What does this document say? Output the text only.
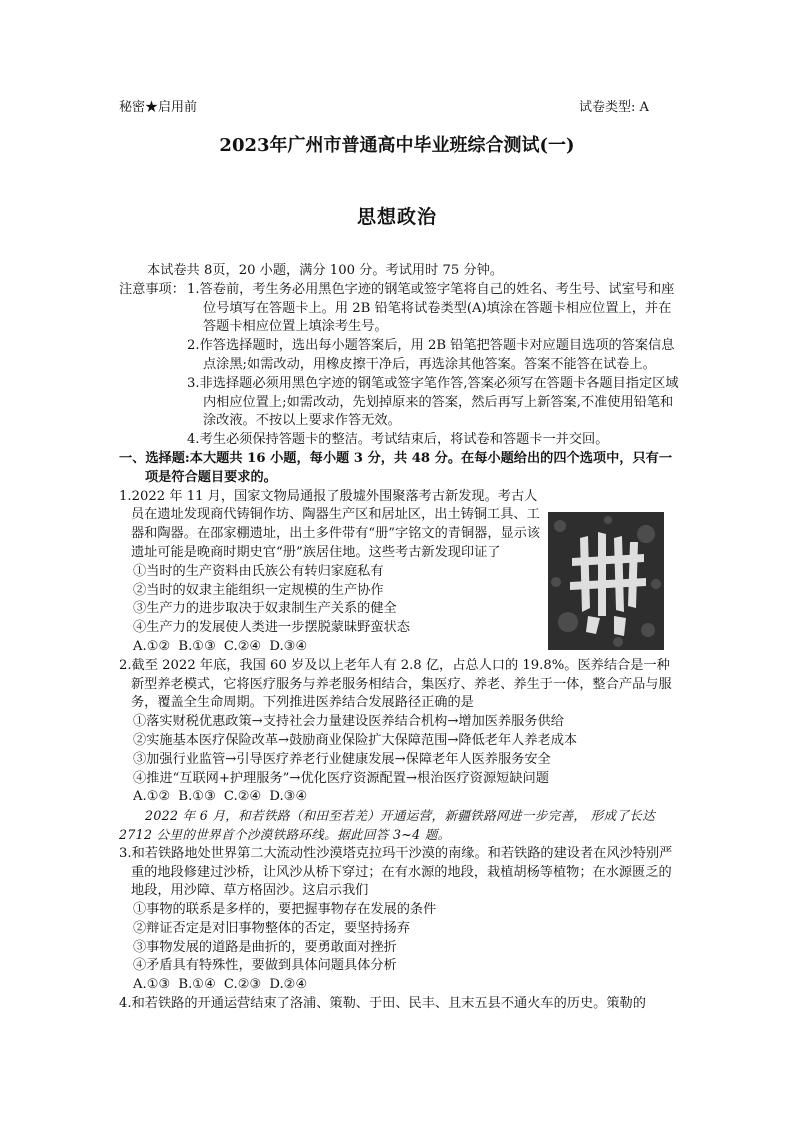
秘密★启用前	试卷类型: A
2023年广州市普通高中毕业班综合测试(一)
思想政治

本试卷共 8页，20 小题，满分 100 分。考试用时 75 分钟。

注意事项： 1.答卷前，考生务必用黑色字迹的钢笔或签字笔将自己的姓名、考生号、试室号和座位号填写在答题卡上。用 2B 铅笔将试卷类型(A)填涂在答题卡相应位置上，并在答题卡相应位置上填涂考生号。

2.作答选择题时，选出每小题答案后，用 2B 铅笔把答题卡对应题目选项的答案信息点涂黑;如需改动，用橡皮擦干净后，再选涂其他答案。答案不能答在试卷上。

3.非选择题必须用黑色字迹的钢笔或签字笔作答,答案必须写在答题卡各题目指定区域内相应位置上;如需改动，先划掉原来的答案，然后再写上新答案,不准使用铅笔和涂改液。不按以上要求作答无效。

4.考生必须保持答题卡的整洁。考试结束后，将试卷和答题卡一并交回。

一、选择题:本大题共 16 小题，每小题 3 分，共 48 分。在每小题给出的四个选项中，只有一项是符合题目要求的。

1.2022 年 11 月，国家文物局通报了殷墟外围聚落考古新发现。考古人员在遗址发现商代铸铜作坊、陶器生产区和居址区，出土铸铜工具、工器和陶器。在邵家棚遗址，出土多件带有“册”字铭文的青铜器，显示该遗址可能是晚商时期史官“册”族居住地。这些考古新发现印证了

①当时的生产资料由氏族公有转归家庭私有

②当时的奴隶主能组织一定规模的生产协作

③生产力的进步取决于奴隶制生产关系的健全

④生产力的发展使人类进一步摆脱蒙昧野蛮状态

A.①② B.①③ C.②④ D.③④

2.截至 2022 年底，我国 60 岁及以上老年人有 2.8 亿，占总人口的 19.8%。医养结合是一种新型养老模式，它将医疗服务与养老服务相结合，集医疗、养老、养生于一体，整合产品与服务，覆盖全生命周期。下列推进医养结合发展路径正确的是

①落实财税优惠政策→支持社会力量建设医养结合机构→增加医养服务供给

②实施基本医疗保险改革→鼓励商业保险扩大保障范围→降低老年人养老成本

③加强行业监管→引导医疗养老行业健康发展→保障老年人医养服务安全

④推进“互联网+护理服务”→优化医疗资源配置→根治医疗资源短缺问题

A.①② B.①③ C.②④ D.③④

2022 年 6 月，和若铁路（和田至若羌）开通运营，新疆铁路网进一步完善， 形成了长达 2712 公里的世界首个沙漠铁路环线。据此回答 3~4 题。

3.和若铁路地处世界第二大流动性沙漠塔克拉玛干沙漠的南缘。和若铁路的建设者在风沙特别严重的地段修建过沙桥，让风沙从桥下穿过；在有水源的地段，栽植胡杨等植物；在水源匮乏的地段，用沙障、草方格固沙。这启示我们

①事物的联系是多样的，要把握事物存在发展的条件

②辩证否定是对旧事物整体的否定，要坚持扬弃

③事物发展的道路是曲折的，要勇敢面对挫折

④矛盾具有特殊性，要做到具体问题具体分析

A.①③ B.①④ C.②③ D.②④

4.和若铁路的开通运营结束了洛浦、策勒、于田、民丰、且末五县不通火车的历史。策勒的
